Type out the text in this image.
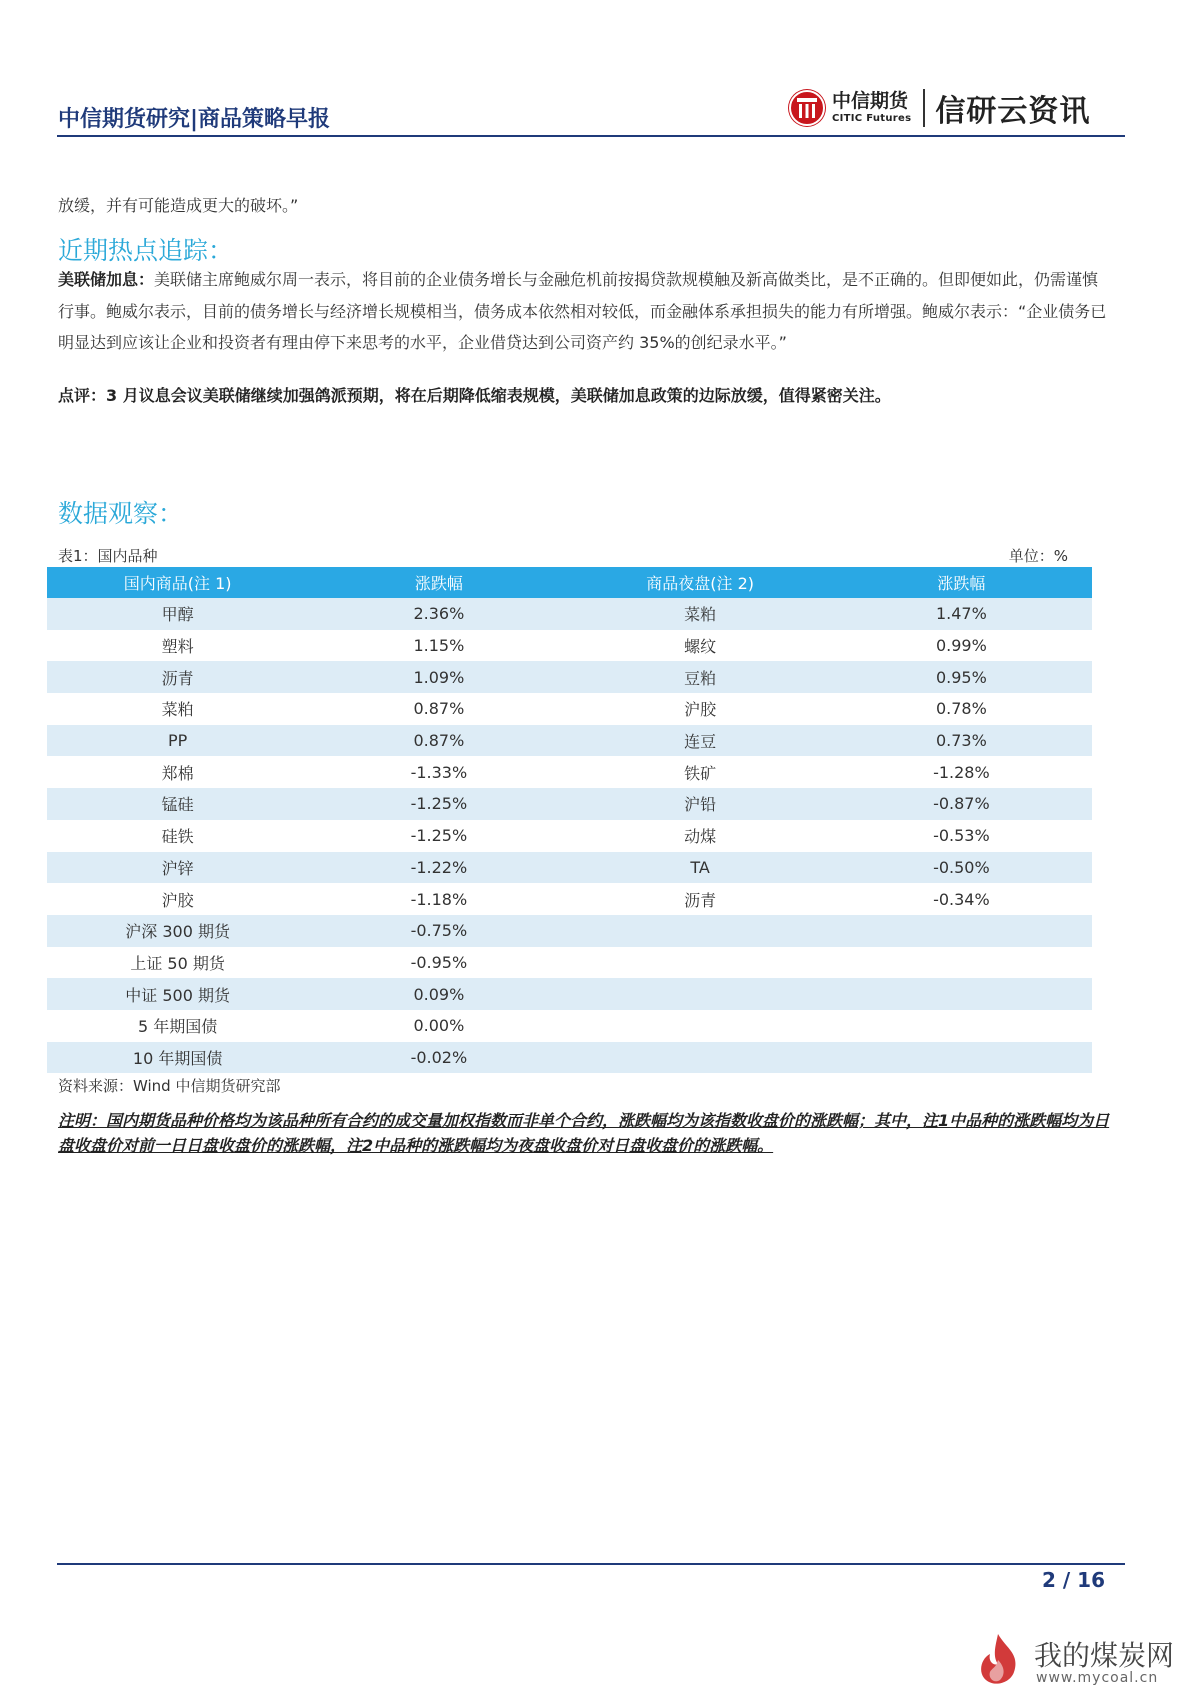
中信期货研究|商品策略早报
中信期货
CITIC Futures 信研云资讯
放缓，并有可能造成更大的破坏。”
近期热点追踪：
美联储加息：美联储主席鲍威尔周一表示，将目前的企业债务增长与金融危机前按揭贷款规模触及新高做类比，是不正确的。但即便如此，仍需谨慎行事。鲍威尔表示，目前的债务增长与经济增长规模相当，债务成本依然相对较低，而金融体系承担损失的能力有所增强。鲍威尔表示：“企业债务已明显达到应该让企业和投资者有理由停下来思考的水平，企业借贷达到公司资产约 35%的创纪录水平。”
点评：3 月议息会议美联储继续加强鸽派预期，将在后期降低缩表规模，美联储加息政策的边际放缓，值得紧密关注。
数据观察：
表1：国内品种	单位：%
国内商品(注 1)	涨跌幅	商品夜盘(注 2)	涨跌幅
甲醇	2.36%	菜粕	1.47%
塑料	1.15%	螺纹	0.99%
沥青	1.09%	豆粕	0.95%
菜粕	0.87%	沪胶	0.78%
PP	0.87%	连豆	0.73%
郑棉	-1.33%	铁矿	-1.28%
锰硅	-1.25%	沪铅	-0.87%
硅铁	-1.25%	动煤	-0.53%
沪锌	-1.22%	TA	-0.50%
沪胶	-1.18%	沥青	-0.34%
沪深 300 期货	-0.75%		
上证 50 期货	-0.95%		
中证 500 期货	0.09%		
5 年期国债	0.00%		
10 年期国债	-0.02%		
资料来源：Wind 中信期货研究部
注明：国内期货品种价格均为该品种所有合约的成交量加权指数而非单个合约，涨跌幅均为该指数收盘价的涨跌幅；其中，注1中品种的涨跌幅均为日盘收盘价对前一日日盘收盘价的涨跌幅，注2中品种的涨跌幅均为夜盘收盘价对日盘收盘价的涨跌幅。
2 / 16
我的煤炭网
www.mycoal.cn
